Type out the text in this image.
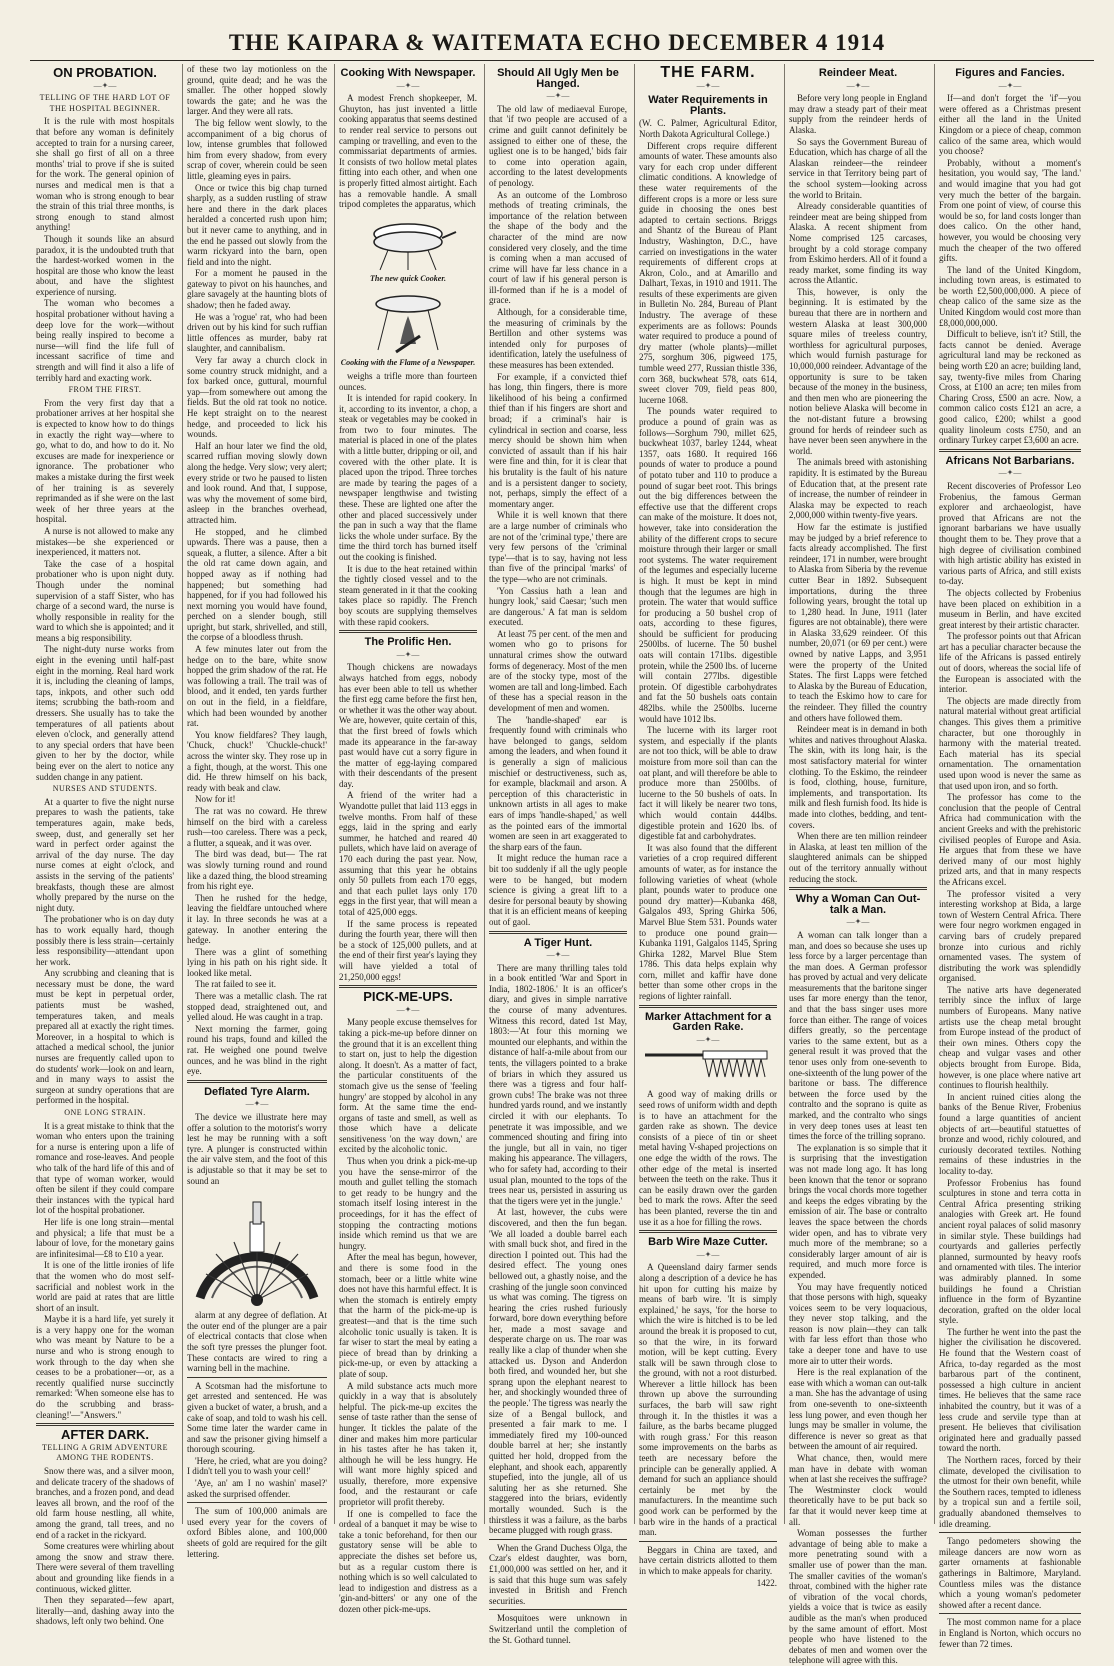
THE KAIPARA & WAITEMATA ECHO DECEMBER 4 1914
ON PROBATION.
—✦—
TELLING OF THE HARD LOT OF THE HOSPITAL BEGINNER.

It is the rule with most hospitals that before any woman is definitely accepted to train for a nursing career, she shall go first of all on a three months' trial to prove if she is suited for the work. The general opinion of nurses and medical men is that a woman who is strong enough to bear the strain of this trial three months, is strong enough to stand almost anything!

Though it sounds like an absurd paradox, it is the undoubted truth that the hardest-worked women in the hospital are those who know the least about, and have the slightest experience of nursing.

The woman who becomes a hospital probationer without having a deep love for the work—without being really inspired to become a nurse—will find the life full of incessant sacrifice of time and strength and will find it also a life of terribly hard and exacting work.

FROM THE FIRST.

From the very first day that a probationer arrives at her hospital she is expected to know how to do things in exactly the right way—where to go, what to do, and how to do it. No excuses are made for inexperience or ignorance. The probationer who makes a mistake during the first week of her training is as severely reprimanded as if she were on the last week of her three years at the hospital.

A nurse is not allowed to make any mistakes—be she experienced or inexperienced, it matters not.

Take the case of a hospital probationer who is upon night duty. Though under the nominal supervision of a staff Sister, who has charge of a second ward, the nurse is wholly responsible in reality for the ward to which she is appointed; and it means a big responsibility.

The night-duty nurse works from eight in the evening until half-past eight in the morning. Real hard work it is, including the cleaning of lamps, taps, inkpots, and other such odd items; scrubbing the bath-room and dressers. She usually has to take the temperatures of all patients about eleven o'clock, and generally attend to any special orders that have been given to her by the doctor, while being ever on the alert to notice any sudden change in any patient.

NURSES AND STUDENTS.

At a quarter to five the night nurse prepares to wash the patients, take temperatures again, make beds, sweep, dust, and generally set her ward in perfect order against the arrival of the day nurse. The day nurse comes at eight o'clock, and assists in the serving of the patients' breakfasts, though these are almost wholly prepared by the nurse on the night duty.

The probationer who is on day duty has to work equally hard, though possibly there is less strain—certainly less responsibility—attendant upon her work.

Any scrubbing and cleaning that is necessary must be done, the ward must be kept in perpetual order, patients must be washed, temperatures taken, and meals prepared all at exactly the right times. Moreover, in a hospital to which is attached a medical school, the junior nurses are frequently called upon to do students' work—look on and learn, and in many ways to assist the surgeon at sundry operations that are performed in the hospital.

ONE LONG STRAIN.

It is a great mistake to think that the woman who enters upon the training for a nurse is entering upon a life of romance and rose-leaves. And people who talk of the hard life of this and of that type of woman worker, would often be silent if they could compare their instances with the typical hard lot of the hospital probationer.

Her life is one long strain—mental and physical; a life that must be a labour of love, for the monetary gains are infinitesimal—£8 to £10 a year.

It is one of the little ironies of life that the women who do most self-sacrificial and noblest work in the world are paid at rates that are little short of an insult.

Maybe it is a hard life, yet surely it is a very happy one for the woman who was meant by Nature to be a nurse and who is strong enough to work through to the day when she ceases to be a probationer—or, as a recently qualified nurse succinctly remarked: 'When someone else has to do the scrubbing and brass-cleaning!'—"Answers."

AFTER DARK.
TELLING A GRIM ADVENTURE AMONG THE RODENTS.

Snow there was, and a silver moon, and delicate tracery of the shadows of branches, and a frozen pond, and dead leaves all brown, and the roof of the old farm house nestling, all white, among the grand, tall trees, and no end of a racket in the rickyard.

Some creatures were whirling about among the snow and straw there. There were several of them travelling about and grounding like fiends in a continuous, wicked glitter.

Then they separated—few apart, literally—and, dashing away into the shadows, left only two behind. One

of these two lay motionless on the ground, quite dead; and he was the smaller. The other hopped slowly towards the gate; and he was the larger. And they were all rats.

The big fellow went slowly, to the accompaniment of a big chorus of low, intense grumbles that followed him from every shadow, from every scrap of cover, wherein could be seen little, gleaming eyes in pairs.

Once or twice this big chap turned sharply, as a sudden rustling of straw here and there in the dark places heralded a concerted rush upon him; but it never came to anything, and in the end he passed out slowly from the warm rickyard into the barn, open field and into the night.

For a moment he paused in the gateway to pivot on his haunches, and glare savagely at the haunting blots of shadow; then he faded away.

He was a 'rogue' rat, who had been driven out by his kind for such ruffian little offences as murder, baby rat slaughter, and cannibalism.

Very far away a church clock in some country struck midnight, and a fox barked once, guttural, mournful yap—from somewhere out among the fields. But the old rat took no notice. He kept straight on to the nearest hedge, and proceeded to lick his wounds.

Half an hour later we find the old, scarred ruffian moving slowly down along the hedge. Very slow; very alert; every stride or two he paused to listen and look round. And that, I suppose, was why the movement of some bird, asleep in the branches overhead, attracted him.

He stopped, and he climbed upwards. There was a pause, then a squeak, a flutter, a silence. After a bit the old rat came down again, and hopped away as if nothing had happened; but something had happened, for if you had followed his next morning you would have found, perched on a slender bough, still upright, but stark, shrivelled, and still, the corpse of a bloodless thrush.

A few minutes later out from the hedge on to the bare, white snow hopped the grim shadow of the rat. He was following a trail. The trail was of blood, and it ended, ten yards further on out in the field, in a fieldfare, which had been wounded by another rat.

You know fieldfares? They laugh, 'Chuck, chuck!' 'Chuckle-chuck!' across the winter sky. They rose up in a fight, though, at the worst. This one did. He threw himself on his back, ready with beak and claw.

Now for it!

The rat was no coward. He threw himself on the bird with a careless rush—too careless. There was a peck, a flutter, a squeak, and it was over.

The bird was dead, but— The rat was slowly turning round and round like a dazed thing, the blood streaming from his right eye.

Then he rushed for the hedge, leaving the fieldfare untouched where it lay. In three seconds he was at a gateway. In another entering the hedge.

There was a glint of something lying in his path on his right side. It looked like metal.

The rat failed to see it.

There was a metallic clash. The rat stopped dead, straightened out, and yelled aloud. He was caught in a trap.

Next morning the farmer, going round his traps, found and killed the rat. He weighed one pound twelve ounces, and he was blind in the right eye.

Deflated Tyre Alarm.
—✦—

The device we illustrate here may offer a solution to the motorist's worry lest he may be running with a soft tyre. A plunger is constructed within the air valve stem, and the foot of this is adjustable so that it may be set to sound an

alarm at any degree of deflation. At the outer end of the plunger are a pair of electrical contacts that close when the soft tyre presses the plunger foot. These contacts are wired to ring a warning bell in the machine.

A Scotsman had the misfortune to get arrested and sentenced. He was given a bucket of water, a brush, and a cake of soap, and told to wash his cell. Some time later the warder came in and saw the prisoner giving himself a thorough scouring.

'Here, he cried, what are you doing? I didn't tell you to wash your cell!'

'Aye, an' am I no washin' masel?' asked the surprised offender.

The sum of 100,000 animals are used every year for the covers of oxford Bibles alone, and 100,000 sheets of gold are required for the gilt lettering.

Cooking With Newspaper.
—✦—

A modest French shopkeeper, M. Ghuyton, has just invented a little cooking apparatus that seems destined to render real service to persons out camping or travelling, and even to the commissariat departments of armies. It consists of two hollow metal plates fitting into each other, and when one is properly fitted almost airtight. Each has a removable handle. A small tripod completes the apparatus, which

The new quick Cooker.
Cooking with the Flame of a Newspaper.

weighs a trifle more than fourteen ounces.

It is intended for rapid cookery. In it, according to its inventor, a chop, a steak or vegetables may be cooked in from two to four minutes. The material is placed in one of the plates with a little butter, dripping or oil, and covered with the other plate. It is placed upon the tripod. Three torches are made by tearing the pages of a newspaper lengthwise and twisting these. These are lighted one after the other and placed successively under the pan in such a way that the flame licks the whole under surface. By the time the third torch has burned itself out the cooking is finished.

It is due to the heat retained within the tightly closed vessel and to the steam generated in it that the cooking takes place so rapidly. The French boy scouts are supplying themselves with these rapid cookers.

The Prolific Hen.
—✦—

Though chickens are nowadays always hatched from eggs, nobody has ever been able to tell us whether the first egg came before the first hen, or whether it was the other way about. We are, however, quite certain of this, that the first breed of fowls which made its appearance in the far-away past would have cut a sorry figure in the matter of egg-laying compared with their descendants of the present day.

A friend of the writer had a Wyandotte pullet that laid 113 eggs in twelve months. From half of these eggs, laid in the spring and early summer, he hatched and reared 40 pullets, which have laid on average of 170 each during the past year. Now, assuming that this year he obtains only 50 pullets from each 170 eggs, and that each pullet lays only 170 eggs in the first year, that will mean a total of 425,000 eggs.

If the same process is repeated during the fourth year, there will then be a stock of 125,000 pullets, and at the end of their first year's laying they will have yielded a total of 21,250,000 eggs!

PICK-ME-UPS.
—✦—

Many people excuse themselves for taking a pick-me-up before dinner on the ground that it is an excellent thing to start on, just to help the digestion along. It doesn't. As a matter of fact, the particular constituents of the stomach give us the sense of 'feeling hungry' are stopped by alcohol in any form. At the same time the end-organs of taste and smell, as well as those which have a delicate sensitiveness 'on the way down,' are excited by the alcoholic tonic.

Thus when you drink a pick-me-up you have the sense-mirror of the mouth and gullet telling the stomach to get ready to be hungry and the stomach itself losing interest in the proceedings, for it has the effect of stopping the contracting motions inside which remind us that we are hungry.

After the meal has begun, however, and there is some food in the stomach, beer or a little white wine does not have this harmful effect. It is when the stomach is entirely empty that the harm of the pick-me-up is greatest—and that is the time such alcoholic tonic usually is taken. It is far wiser to start the meal by eating a piece of bread than by drinking a pick-me-up, or even by attacking a plate of soup.

A mild substance acts much more quickly in a way that is absolutely helpful. The pick-me-up excites the sense of taste rather than the sense of hunger. It tickles the palate of the diner and makes him more particular in his tastes after he has taken it, although he will be less hungry. He will want more highly spiced and usually, therefore, more expensive food, and the restaurant or cafe proprietor will profit thereby.

If one is compelled to face the ordeal of a banquet it may be wise to take a tonic beforehand, for then our gustatory sense will be able to appreciate the dishes set before us, but as a regular custom there is nothing which is so well calculated to lead to indigestion and distress as a 'gin-and-bitters' or any one of the dozen other pick-me-ups.

Should All Ugly Men be Hanged.
—✦—

The old law of mediaeval Europe, that 'if two people are accused of a crime and guilt cannot definitely be assigned to either one of these, the ugliest one is to be hanged,' bids fair to come into operation again, according to the latest developments of penology.

As an outcome of the Lombroso methods of treating criminals, the importance of the relation between the shape of the body and the character of the mind are now considered very closely, and the time is coming when a man accused of crime will have far less chance in a court of law if his general person is ill-formed than if he is a model of grace.

Although, for a considerable time, the measuring of criminals by the Bertillon and other systems was intended only for purposes of identification, lately the usefulness of these measures has been extended.

For example, if a convicted thief has long, thin fingers, there is more likelihood of his being a confirmed thief than if his fingers are short and broad; if a criminal's hair is cylindrical in section and coarse, less mercy should be shown him when convicted of assault than if his hair were fine and thin, for it is clear that his brutality is the fault of his nature and is a persistent danger to society, not, perhaps, simply the effect of a momentary anger.

While it is well known that there are a large number of criminals who are not of the 'criminal type,' there are very few persons of the 'criminal type'—that is to say, having not less than five of the principal 'marks' of the type—who are not criminals.

'Yon Cassius hath a lean and hungry look,' said Caesar; 'such men are dangerous.' A fat man is seldom executed.

At least 75 per cent. of the men and women who go to prisons for unnatural crimes show the outward forms of degeneracy. Most of the men are of the stocky type, most of the women are tall and long-limbed. Each of these has a special reason in the development of men and women.

The 'handle-shaped' ear is frequently found with criminals who have belonged to gangs, seldom among the leaders, and when found it is generally a sign of malicious mischief or destructiveness, such as, for example, blackmail and arson. A perception of this characteristic in unknown artists in all ages to make ears of imps 'handle-shaped,' as well as the pointed ears of the immortal women are seen in art exaggerated to the sharp ears of the faun.

It might reduce the human race a bit too suddenly if all the ugly people were to be hanged, but modern science is giving a great lift to a desire for personal beauty by showing that it is an efficient means of keeping out of gaol.

A Tiger Hunt.
—✦—

There are many thrilling tales told in a book entitled 'War and Sport in India, 1802-1806.' It is an officer's diary, and gives in simple narrative the course of many adventures. Witness this record, dated 1st May, 1803:—'At four this morning we mounted our elephants, and within the distance of half-a-mile about from our tents, the villagers pointed to a brake of briars in which they assured us there was a tigress and four half-grown cubs! The brake was not three hundred yards round, and we instantly circled it with our elephants. To penetrate it was impossible, and we commenced shouting and firing into the jungle, but all in vain, no tiger making his appearance. The villagers, who for safety had, according to their usual plan, mounted to the tops of the trees near us, persisted in assuring us that the tigers were yet in the jungle.'

At last, however, the cubs were discovered, and then the fun began. 'We all loaded a double barrel each with small buck shot, and fired in the direction I pointed out. This had the desired effect. The young ones bellowed out, a ghastly noise, and the crashing of the jungle soon convinced us what was coming. The tigress on hearing the cries rushed furiously forward, bore down everything before her, made a most savage and desperate charge on us. The roar was really like a clap of thunder when she attacked us. Dyson and Anderdon both fired, and wounded her, but she sprang upon the elephant nearest to her, and shockingly wounded three of the people.' The tigress was nearly the size of a Bengal bullock, and presented a fair mark to me. I immediately fired my 100-ounced double barrel at her; she instantly quitted her hold, dropped from the elephant, and shook each, apparently stupefied, into the jungle, all of us saluting her as she returned. She staggered into the briars, evidently mortally wounded. Such is the thirstless it was a failure, as the barbs became plugged with rough grass.

When the Grand Duchess Olga, the Czar's eldest daughter, was born, £1,000,000 was settled on her, and it is said that this huge sum was safely invested in British and French securities.

Mosquitoes were unknown in Switzerland until the completion of the St. Gothard tunnel.

THE FARM.
—✦—
Water Requirements in Plants.

(W. C. Palmer, Agricultural Editor, North Dakota Agricultural College.)

Different crops require different amounts of water. These amounts also vary for each crop under different climatic conditions. A knowledge of these water requirements of the different crops is a more or less sure guide in choosing the ones best adapted to certain sections. Briggs and Shantz of the Bureau of Plant Industry, Washington, D.C., have carried on investigations in the water requirements of different crops at Akron, Colo., and at Amarillo and Dalhart, Texas, in 1910 and 1911. The results of these experiments are given in Bulletin No. 284, Bureau of Plant Industry. The average of these experiments are as follows: Pounds water required to produce a pound of dry matter (whole plants)—millet 275, sorghum 306, pigweed 175, tumble weed 277, Russian thistle 336, corn 368, buckwheat 578, oats 614, sweet clover 709, field peas 800, lucerne 1068.

The pounds water required to produce a pound of grain was as follows—Sorghum 790, millet 625, buckwheat 1037, barley 1244, wheat 1357, oats 1680. It required 166 pounds of water to produce a pound of potato tuber and 110 to produce a pound of sugar beet root. This brings out the big differences between the effective use that the different crops can make of the moisture. It does not, however, take into consideration the ability of the different crops to secure moisture through their larger or small root systems. The water requirement of the legumes and especially lucerne is high. It must be kept in mind though that the legumes are high in protein. The water that would suffice for producing a 50 bushel crop of oats, according to these figures, should be sufficient for producing 2500lbs. of lucerne. The 50 bushel oats will contain 171lbs. digestible protein, while the 2500 lbs. of lucerne will contain 277lbs. digestible protein. Of digestible carbohydrates and fat the 50 bushels oats contain 482lbs. while the 2500lbs. lucerne would have 1012 lbs.

The lucerne with its larger root system, and especially if the plants are not too thick, will be able to draw moisture from more soil than can the oat plant, and will therefore be able to produce more than 2500lbs. of lucerne to the 50 bushels of oats. In fact it will likely be nearer two tons, which would contain 444lbs. digestible protein and 1620 lbs. of digestible fat and carbohydrates.

It was also found that the different varieties of a crop required different amounts of water, as for instance the following varieties of wheat (whole plant, pounds water to produce one pound dry matter)—Kubanka 468, Galgalos 493, Spring Ghirka 506, Marvel Blue Stem 531. Pounds water to produce one pound grain—Kubanka 1191, Galgalos 1145, Spring Ghirka 1282, Marvel Blue Stem 1786. This data helps explain why corn, millet and kaffir have done better than some other crops in the regions of lighter rainfall.

Marker Attachment for a Garden Rake.
—✦—

A good way of making drills or seed rows of uniform width and depth is to have an attachment for the garden rake as shown. The device consists of a piece of tin or sheet metal having V-shaped projections on one edge the width of the rows. The other edge of the metal is inserted between the teeth on the rake. Thus it can be easily drawn over the garden bed to mark the rows. After the seed has been planted, reverse the tin and use it as a hoe for filling the rows.

Barb Wire Maze Cutter.
—✦—

A Queensland dairy farmer sends along a description of a device he has hit upon for cutting his maize by means of barb wire. 'It is simply explained,' he says, 'for the horse to which the wire is hitched is to be led around the break it is proposed to cut, so that the wire, in its forward motion, will be kept cutting. Every stalk will be sawn through close to the ground, with not a root disturbed. Wherever a little hillock has been thrown up above the surrounding surfaces, the barb will saw right through it. In the thistles it was a failure, as the barbs became plugged with rough grass.' For this reason some improvements on the barbs as teeth are necessary before the principle can be generally applied. A demand for such an appliance should certainly be met by the manufacturers. In the meantime such good work can be performed by the barb wire in the hands of a practical man.

Beggars in China are taxed, and have certain districts allotted to them in which to make appeals for charity.

1422.

Reindeer Meat.
—✦—

Before very long people in England may draw a steady part of their meat supply from the reindeer herds of Alaska.

So says the Government Bureau of Education, which has charge of all the Alaskan reindeer—the reindeer service in that Territory being part of the school system—looking across the world to Britain.

Already considerable quantities of reindeer meat are being shipped from Alaska. A recent shipment from Nome comprised 125 carcases, brought by a cold storage company from Eskimo herders. All of it found a ready market, some finding its way across the Atlantic.

This, however, is only the beginning. It is estimated by the bureau that there are in northern and western Alaska at least 300,000 square miles of treeless country, worthless for agricultural purposes, which would furnish pasturage for 10,000,000 reindeer. Advantage of the opportunity is sure to be taken because of the money in the business, and then men who are pioneering the notion believe Alaska will become in the not-distant future a browsing ground for herds of reindeer such as have never been seen anywhere in the world.

The animals breed with astonishing rapidity. It is estimated by the Bureau of Education that, at the present rate of increase, the number of reindeer in Alaska may be expected to reach 2,000,000 within twenty-five years.

How far the estimate is justified may be judged by a brief reference to facts already accomplished. The first reindeer, 171 in number, were brought to Alaska from Siberia by the revenue cutter Bear in 1892. Subsequent importations, during the three following years, brought the total up to 1,280 head. In June, 1911 (later figures are not obtainable), there were in Alaska 33,629 reindeer. Of this number, 20,071 (or 69 per cent.) were owned by native Lapps, and 3,951 were the property of the United States. The first Lapps were fetched to Alaska by the Bureau of Education, to teach the Eskimo how to care for the reindeer. They filled the country and others have followed them.

Reindeer meat is in demand in both whites and natives throughout Alaska. The skin, with its long hair, is the most satisfactory material for winter clothing. To the Eskimo, the reindeer is food, clothing, house, furniture, implements, and transportation. Its milk and flesh furnish food. Its hide is made into clothes, bedding, and tent-covers.

When there are ten million reindeer in Alaska, at least ten million of the slaughtered animals can be shipped out of the territory annually without reducing the stock.

Why a Woman Can Out-talk a Man.
—✦—

A woman can talk longer than a man, and does so because she uses up less force by a larger percentage than the man does. A German professor has proved by actual and very delicate measurements that the baritone singer uses far more energy than the tenor, and that the bass singer uses more force than either. The range of voices differs greatly, so the percentage varies to the same extent, but as a general result it was proved that the tenor uses only from one-seventh to one-sixteenth of the lung power of the baritone or bass. The difference between the force used by the contralto and the soprano is quite as marked, and the contralto who sings in very deep tones uses at least ten times the force of the trilling soprano.

The explanation is so simple that it is surprising that the investigation was not made long ago. It has long been known that the tenor or soprano brings the vocal chords more together and keeps the edges vibrating by the emission of air. The base or contralto leaves the space between the chords wider open, and has to vibrate very much more of the membrane; so a considerably larger amount of air is required, and much more force is expended.

You may have frequently noticed that those persons with high, squeaky voices seem to be very loquacious, they never stop talking, and the reason is now plain—they can talk with far less effort than those who take a deeper tone and have to use more air to utter their words.

Here is the real explanation of the ease with which a woman can out-talk a man. She has the advantage of using from one-seventh to one-sixteenth less lung power, and even though her lungs may be smaller in volume, the difference is never so great as that between the amount of air required.

What chance, then, would mere man have in debate with woman when at last she receives the suffrage? The Westminster clock would theoretically have to be put back so far that it would never keep time at all.

Woman possesses the further advantage of being able to make a more penetrating sound with a smaller use of power than the man. The smaller cavities of the woman's throat, combined with the higher rate of vibration of the vocal chords, yields a voice that is twice as easily audible as the man's when produced by the same amount of effort. Most people who have listened to the debates of men and women over the telephone will agree with this.

Figures and Fancies.
—✦—

If—and don't forget the 'if'—you were offered as a Christmas present either all the land in the United Kingdom or a piece of cheap, common calico of the same area, which would you choose?

Probably, without a moment's hesitation, you would say, 'The land.' and would imagine that you had got very much the better of the bargain. From one point of view, of course this would be so, for land costs longer than does calico. On the other hand, however, you would be choosing very much the cheaper of the two offered gifts.

The land of the United Kingdom, including town areas, is estimated to be worth £2,500,000,000. A piece of cheap calico of the same size as the United Kingdom would cost more than £8,000,000,000.

Difficult to believe, isn't it? Still, the facts cannot be denied. Average agricultural land may be reckoned as being worth £20 an acre; building land, say, twenty-five miles from Charing Cross, at £100 an acre; ten miles from Charing Cross, £500 an acre. Now, a common calico costs £121 an acre, a good calico, £200; whilst a good quality linoleum costs £750, and an ordinary Turkey carpet £3,600 an acre.

Africans Not Barbarians.
—✦—

Recent discoveries of Professor Leo Frobenius, the famous German explorer and archaeologist, have proved that Africans are not the ignorant barbarians we have usually thought them to be. They prove that a high degree of civilisation combined with high artistic ability has existed in various parts of Africa, and still exists to-day.

The objects collected by Frobenius have been placed on exhibition in a museum in Berlin, and have excited great interest by their artistic character.

The professor points out that African art has a peculiar character because the life of the Africans is passed entirely out of doors, whereas the social life of the European is associated with the interior.

The objects are made directly from natural material without great artificial changes. This gives them a primitive character, but one thoroughly in harmony with the material treated. Each material has its special ornamentation. The ornamentation used upon wood is never the same as that used upon iron, and so forth.

The professor has come to the conclusion that the people of Central Africa had communication with the ancient Greeks and with the prehistoric civilised peoples of Europe and Asia. He argues that from these we have derived many of our most highly prized arts, and that in many respects the Africans excel.

The professor visited a very interesting workshop at Bida, a large town of Western Central Africa. There were four negro workmen engaged in carving bars of crudely prepared bronze into curious and richly ornamented vases. The system of distributing the work was splendidly organised.

The native arts have degenerated terribly since the influx of large numbers of Europeans. Many native artists use the cheap metal brought from Europe instead of the product of their own mines. Others copy the cheap and vulgar vases and other objects brought from Europe. Bida, however, is one place where native art continues to flourish healthily.

In ancient ruined cities along the banks of the Benue River, Frobenius found a large quantities of ancient objects of art—beautiful statuettes of bronze and wood, richly coloured, and curiously decorated textiles. Nothing remains of these industries in the locality to-day.

Professor Frobenius has found sculptures in stone and terra cotta in Central Africa presenting striking analogies with Greek art. He found ancient royal palaces of solid masonry in similar style. These buildings had courtyards and galleries perfectly planned, surmounted by heavy roofs and ornamented with tiles. The interior was admirably planned. In some buildings he found a Christian influence in the form of Byzantine decoration, grafted on the older local style.

The further he went into the past the higher the civilisation he discovered. He found that the Western coast of Africa, to-day regarded as the most barbarous part of the continent, possessed a high culture in ancient times. He believes that the same race inhabited the country, but it was of a less crude and servile type than at present. He believes that civilisation originated here and gradually passed toward the north.

The Northern races, forced by their climate, developed the civilisation to the utmost for their own benefit, while the Southern races, tempted to idleness by a tropical sun and a fertile soil, gradually abandoned themselves to idle dreaming.

Tango pedometers showing the mileage dancers are now worn as garter ornaments at fashionable gatherings in Baltimore, Maryland. Countless miles was the distance which a young woman's pedometer showed after a recent dance.

The most common name for a place in England is Norton, which occurs no fewer than 72 times.
